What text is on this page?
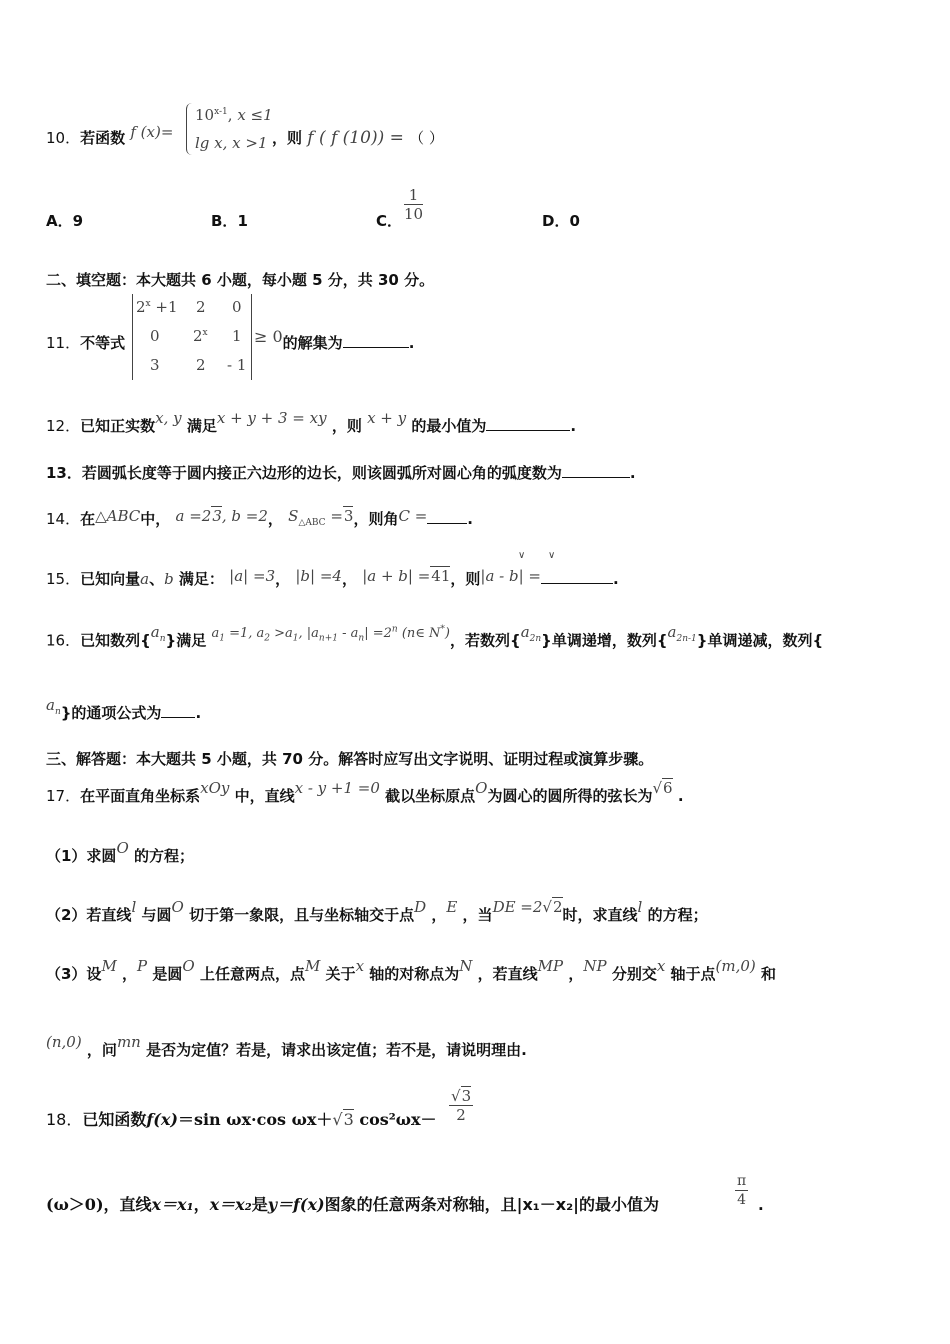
10．若函数 f (x)=
$10^{x-1}$, x ≤1
lg x, x >1 ，则 f ( f (10)) = （ ）
A．9	B．1	C． $\frac{1}{10}$	D．0
二、填空题：本大题共 6 小题，每小题 5 分，共 30 分。
11．不等式
$2^x +1$ 2 0
0 2$^x$ 1
3 2 - 1
≥ 0的解集为	.
12．已知正实数x, y 满足x + y + 3 = xy ，则 x + y 的最小值为	.
13．若圆弧长度等于圆内接正六边形的边长，则该圆弧所对圆心角的弧度数为	.
14．在△ABC中， a =23, b =2， $S_{\triangle ABC} =3$，则角C =	.
15．已知向量a、b 满足： |a| =3， |b| =4， |a + b| =41，则|a - b| =	.
∨ ∨
16．已知数列$\{a_n\}$满足 $a_1 =1$, $a_2 >a_1$, $|a_{n+1} - a_n| =2^n$ (n∈ N*)，若数列$\{a_{2n}\}$单调递增，数列$\{a_{2n-1}\}$单调递减，数列{
$a_n$}的通项公式为 .
三、解答题：本大题共 5 小题，共 70 分。解答时应写出文字说明、证明过程或演算步骤。
17．在平面直角坐标系xOy 中，直线x - y +1 =0 截以坐标原点O为圆心的圆所得的弦长为√6 .
（1）求圆O 的方程；
（2）若直线l 与圆O 切于第一象限，且与坐标轴交于点D ，E ，当DE =2√2时，求直线l 的方程；
（3）设M ，P 是圆O 上任意两点，点M 关于x 轴的对称点为N ，若直线MP ，NP 分别交x 轴于点(m,0) 和
(n,0) ，问mn 是否为定值？若是，请求出该定值；若不是，请说明理由.
18．已知函数f(x)＝sin ωx·cos ωx＋√3 $\cos^2\omega x- \frac{√3}{2}$
(ω＞0)，直线x＝x₁，x＝x₂是y＝f(x)图象的任意两条对称轴，且|x₁－x₂|的最小值为	$\frac{\pi}{4}$ .
